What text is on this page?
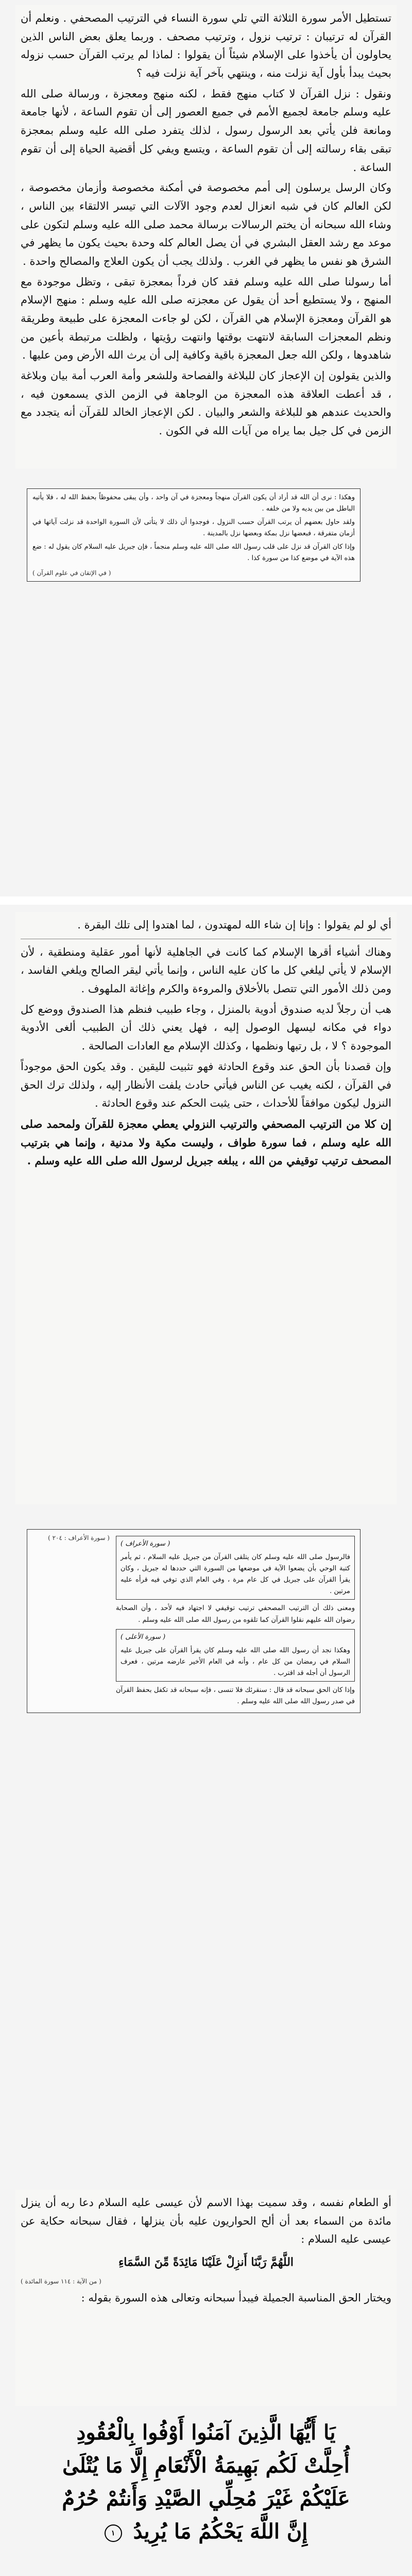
تستطيل الأمر سورة الثلاثة التي تلي سورة النساء في الترتيب المصحفي . ونعلم أن القرآن له ترتيبان : ترتيب نزول ، وترتيب مصحف . وربما يعلق بعض الناس الذين يحاولون أن يأخذوا على الإسلام شيئاً أن يقولوا : لماذا لم يرتب القرآن حسب نزوله بحيث يبدأ بأول آية نزلت منه ، وينتهي بآخر آية نزلت فيه ؟

ونقول : نزل القرآن لا كتاب منهج فقط ، لكنه منهج ومعجزة ، ورسالة صلى الله عليه وسلم جامعة لجميع الأمم في جميع العصور إلى أن تقوم الساعة ، لأنها جامعة ومانعة فلن يأتي بعد الرسول رسول ، لذلك يتفرد صلى الله عليه وسلم بمعجزة تبقى بقاء رسالته إلى أن تقوم الساعة ، ويتسع ويفي كل أقضية الحياة إلى أن تقوم الساعة .

وكان الرسل يرسلون إلى أمم مخصوصة في أمكنة مخصوصة وأزمان مخصوصة ، لكن العالم كان في شبه انعزال لعدم وجود الآلات التي تيسر الالتقاء بين الناس ، وشاء الله سبحانه أن يختم الرسالات برسالة محمد صلى الله عليه وسلم لتكون على موعد مع رشد العقل البشري في أن يصل العالم كله وحدة بحيث يكون ما يظهر في الشرق هو نفس ما يظهر في الغرب . ولذلك يجب أن يكون العلاج والمصالح واحدة .

أما رسولنا صلى الله عليه وسلم فقد كان فرداً بمعجزة تبقى ، وتظل موجودة مع المنهج ، ولا يستطيع أحد أن يقول عن معجزته صلى الله عليه وسلم : منهج الإسلام هو القرآن ومعجزة الإسلام هي القرآن ، لكن لو جاءت المعجزة على طبيعة وطريقة ونظم المعجزات السابقة لانتهت بوقتها وانتهت رؤيتها ، ولظلت مرتبطة بأعين من شاهدوها ، ولكن الله جعل المعجزة باقية وكافية إلى أن يرث الله الأرض ومن عليها .

والذين يقولون إن الإعجاز كان للبلاغة والفصاحة وللشعر وأمة العرب أمة بيان وبلاغة ، قد أعطت العلاقة هذه المعجزة من الوجاهة في الزمن الذي يسمعون فيه ، والحديث عندهم هو للبلاغة والشعر والبيان . لكن الإعجاز الخالد للقرآن أنه يتجدد مع الزمن في كل جيل بما يراه من آيات الله في الكون .

وهكذا : نرى أن الله قد أراد أن يكون القرآن منهجاً ومعجزة في آن واحد ، وأن يبقى محفوظاً بحفظ الله له ، فلا يأتيه الباطل من بين يديه ولا من خلفه .

ولقد حاول بعضهم أن يرتب القرآن حسب النزول ، فوجدوا أن ذلك لا يتأتى لأن السورة الواحدة قد نزلت آياتها في أزمان متفرقة ، فبعضها نزل بمكة وبعضها نزل بالمدينة .

وإذا كان القرآن قد نزل على قلب رسول الله صلى الله عليه وسلم منجماً ، فإن جبريل عليه السلام كان يقول له : ضع هذه الآية في موضع كذا من سورة كذا .

( في الإتقان في علوم القرآن )

أي لو لم يقولوا : وإنا إن شاء الله لمهتدون ، لما اهتدوا إلى تلك البقرة .

وهناك أشياء أقرها الإسلام كما كانت في الجاهلية لأنها أمور عقلية ومنطقية ، لأن الإسلام لا يأتي ليلغي كل ما كان عليه الناس ، وإنما يأتي ليقر الصالح ويلغي الفاسد ، ومن ذلك الأمور التي تتصل بالأخلاق والمروءة والكرم وإغاثة الملهوف .

هب أن رجلاً لديه صندوق أدوية بالمنزل ، وجاء طبيب فنظم هذا الصندوق ووضع كل دواء في مكانه ليسهل الوصول إليه ، فهل يعني ذلك أن الطبيب ألغى الأدوية الموجودة ؟ لا ، بل رتبها ونظمها ، وكذلك الإسلام مع العادات الصالحة .

وإن قصدنا بأن الحق عند وقوع الحادثة فهو تثبيت لليقين . وقد يكون الحق موجوداً في القرآن ، لكنه يغيب عن الناس فيأتي حادث يلفت الأنظار إليه ، ولذلك ترك الحق النزول ليكون موافقاً للأحداث ، حتى يثبت الحكم عند وقوع الحادثة .

إن كلا من الترتيب المصحفي والترتيب النزولي يعطي معجزة للقرآن ولمحمد صلى الله عليه وسلم ، فما سورة طواف ، وليست مكية ولا مدنية ، وإنما هي بترتيب المصحف ترتيب توقيفي من الله ، يبلغه جبريل لرسول الله صلى الله عليه وسلم .

( سورة الأعراف )
فالرسول صلى الله عليه وسلم كان يتلقى القرآن من جبريل عليه السلام ، ثم يأمر كتبة الوحي بأن يضعوا الآية في موضعها من السورة التي حددها له جبريل ، وكان يقرأ القرآن على جبريل في كل عام مرة ، وفي العام الذي توفي فيه قرأه عليه مرتين .

ومعنى ذلك أن الترتيب المصحفي ترتيب توقيفي لا اجتهاد فيه لأحد ، وأن الصحابة رضوان الله عليهم نقلوا القرآن كما تلقوه من رسول الله صلى الله عليه وسلم .

( سورة الأعلى )
وهكذا نجد أن رسول الله صلى الله عليه وسلم كان يقرأ القرآن على جبريل عليه السلام في رمضان من كل عام ، وأنه في العام الأخير عارضه مرتين ، فعرف الرسول أن أجله قد اقترب .

وإذا كان الحق سبحانه قد قال : سنقرئك فلا تنسى ، فإنه سبحانه قد تكفل بحفظ القرآن في صدر رسول الله صلى الله عليه وسلم .

( سورة الأعراف : ٢٠٤ )

أو الطعام نفسه ، وقد سميت بهذا الاسم لأن عيسى عليه السلام دعا ربه أن ينزل مائدة من السماء بعد أن ألح الحواريون عليه بأن ينزلها ، فقال سبحانه حكاية عن عيسى عليه السلام :

اللَّهُمَّ رَبَّنَا أَنزِلْ عَلَيْنَا مَائِدَةً مِّنَ السَّمَاءِ
( من الآية : ١١٤ سورة المائدة )

ويختار الحق المناسبة الجميلة فيبدأ سبحانه وتعالى هذه السورة بقوله :

يَا أَيُّهَا الَّذِينَ آمَنُوا أَوْفُوا بِالْعُقُودِ أُحِلَّتْ لَكُم بَهِيمَةُ الْأَنْعَامِ إِلَّا مَا يُتْلَىٰ عَلَيْكُمْ غَيْرَ مُحِلِّي الصَّيْدِ وَأَنتُمْ حُرُمٌ إِنَّ اللَّهَ يَحْكُمُ مَا يُرِيدُ ١
